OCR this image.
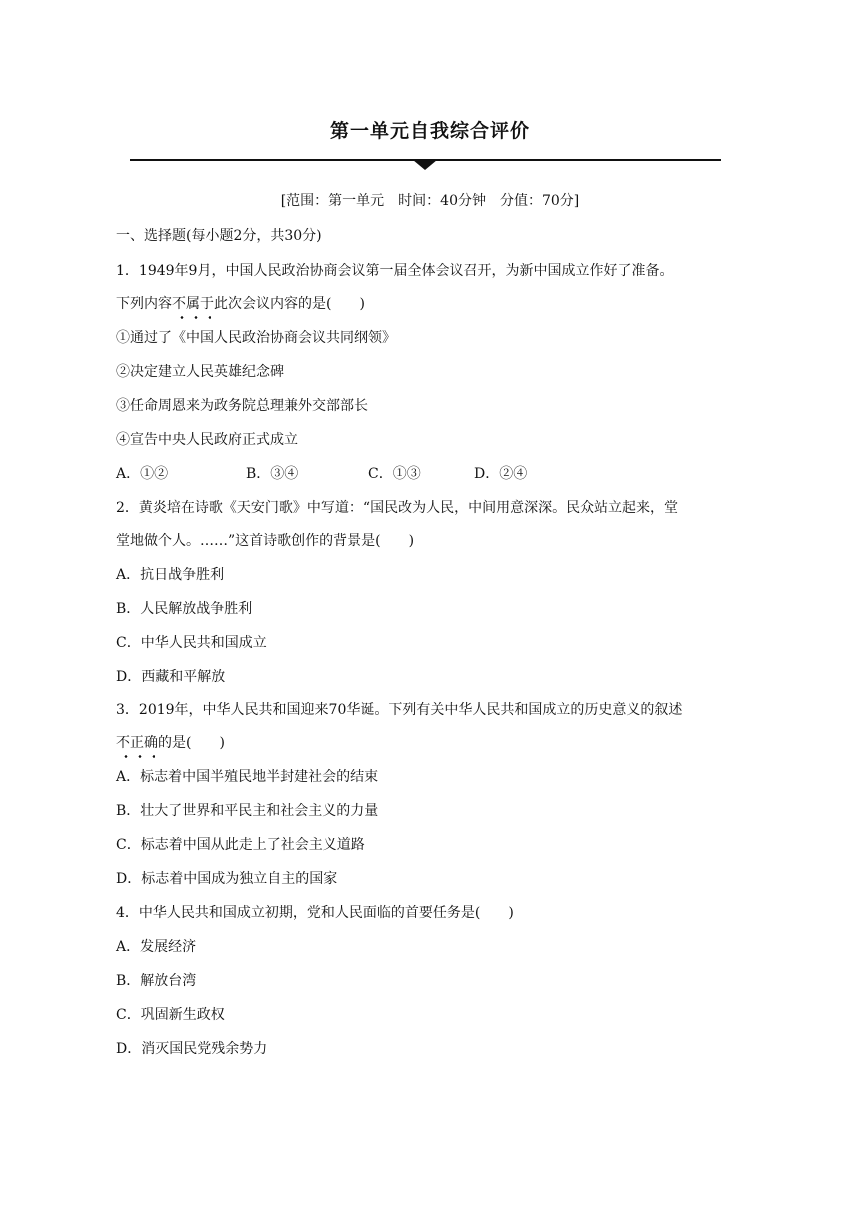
第一单元自我综合评价
[范围：第一单元　时间：40分钟　分值：70分]
一、选择题(每小题2分，共30分)
1．1949年9月，中国人民政治协商会议第一届全体会议召开，为新中国成立作好了准备。
下列内容不属于此次会议内容的是(　　)
①通过了《中国人民政治协商会议共同纲领》
②决定建立人民英雄纪念碑
③任命周恩来为政务院总理兼外交部部长
④宣告中央人民政府正式成立
A．①②	B．③④	C．①③	D．②④
2．黄炎培在诗歌《天安门歌》中写道：“国民改为人民，中间用意深深。民众站立起来，堂
堂地做个人。……”这首诗歌创作的背景是(　　)
A．抗日战争胜利
B．人民解放战争胜利
C．中华人民共和国成立
D．西藏和平解放
3．2019年，中华人民共和国迎来70华诞。下列有关中华人民共和国成立的历史意义的叙述
不正确的是(　　)
A．标志着中国半殖民地半封建社会的结束
B．壮大了世界和平民主和社会主义的力量
C．标志着中国从此走上了社会主义道路
D．标志着中国成为独立自主的国家
4．中华人民共和国成立初期，党和人民面临的首要任务是(　　)
A．发展经济
B．解放台湾
C．巩固新生政权
D．消灭国民党残余势力
